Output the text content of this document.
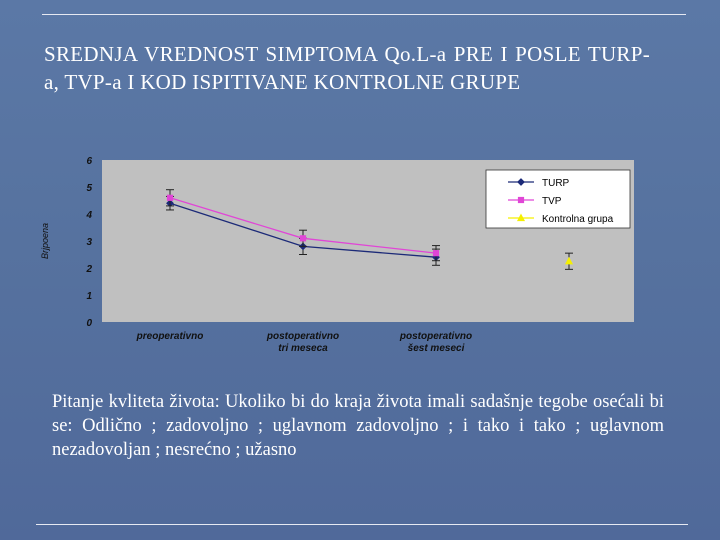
SREDNJA VREDNOST SIMPTOMA Qo.L-a PRE I POSLE TURP-a, TVP-a I KOD ISPITIVANE KONTROLNE GRUPE
0
1
2
3
4
5
6
Brjpoena
preoperativno	postoperativno tri meseca
postoperativno šest meseci
TURP
TVP
Kontrolna grupa
Pitanje kvliteta života: Ukoliko bi do kraja života imali sadašnje tegobe osećali bi se: Odlično ; zadovoljno ; uglavnom zadovoljno ; i tako i tako ; uglavnom nezadovoljan ; nesrećno ; užasno
